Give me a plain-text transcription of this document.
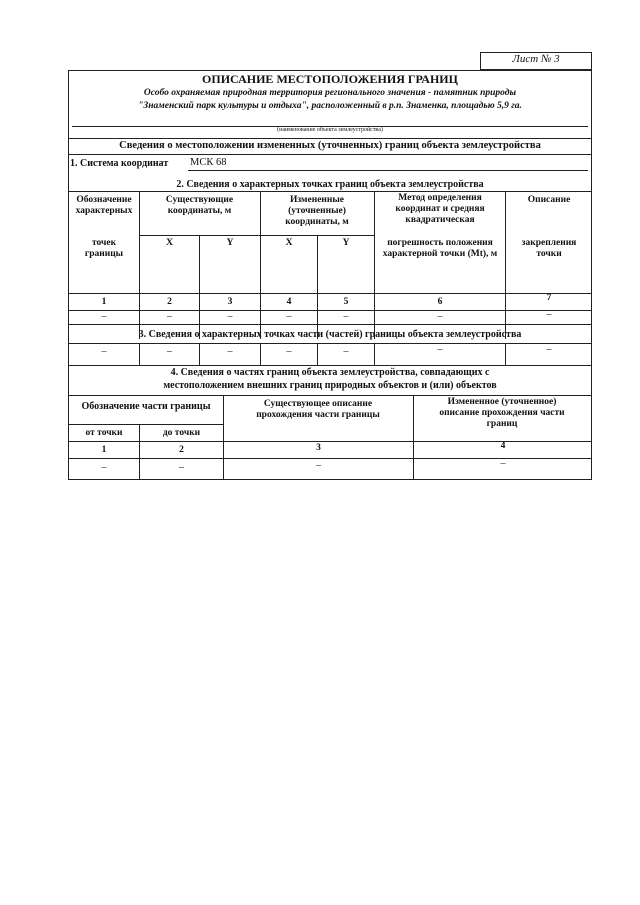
Лист № 3
ОПИСАНИЕ МЕСТОПОЛОЖЕНИЯ ГРАНИЦ
Особо охраняемая природная территория регионального значения - памятник природы
"Знаменский парк культуры и отдыха", расположенный в р.п. Знаменка, площадью 5,9 га.
(наименование объекта землеустройства)
Сведения о местоположении измененных (уточненных) границ объекта землеустройства
1. Система координат МСК 68
2. Сведения о характерных точках границ объекта землеустройства
Обозначение характерных
точек границы
Существующие координаты, м
Измененные (уточненные) координаты, м
X	Y	X	Y
Метод определения координат и средняя квадратическая
погрешность положения характерной точки (Mt), м
Описание
закрепления точки
1	2	3	4	5	6	7
–	–	–	–	–	–	–
3. Сведения о характерных точках части (частей) границы объекта землеустройства
–	–	–	–	–	–	–
4. Сведения о частях границ объекта землеустройства, совпадающих с
местоположением внешних границ природных объектов и (или) объектов
Обозначение части границы
от точки	до точки
Существующее описание прохождения части границы
Измененное (уточненное) описание прохождения части границ
1	2	3	4
–	–	–	–
